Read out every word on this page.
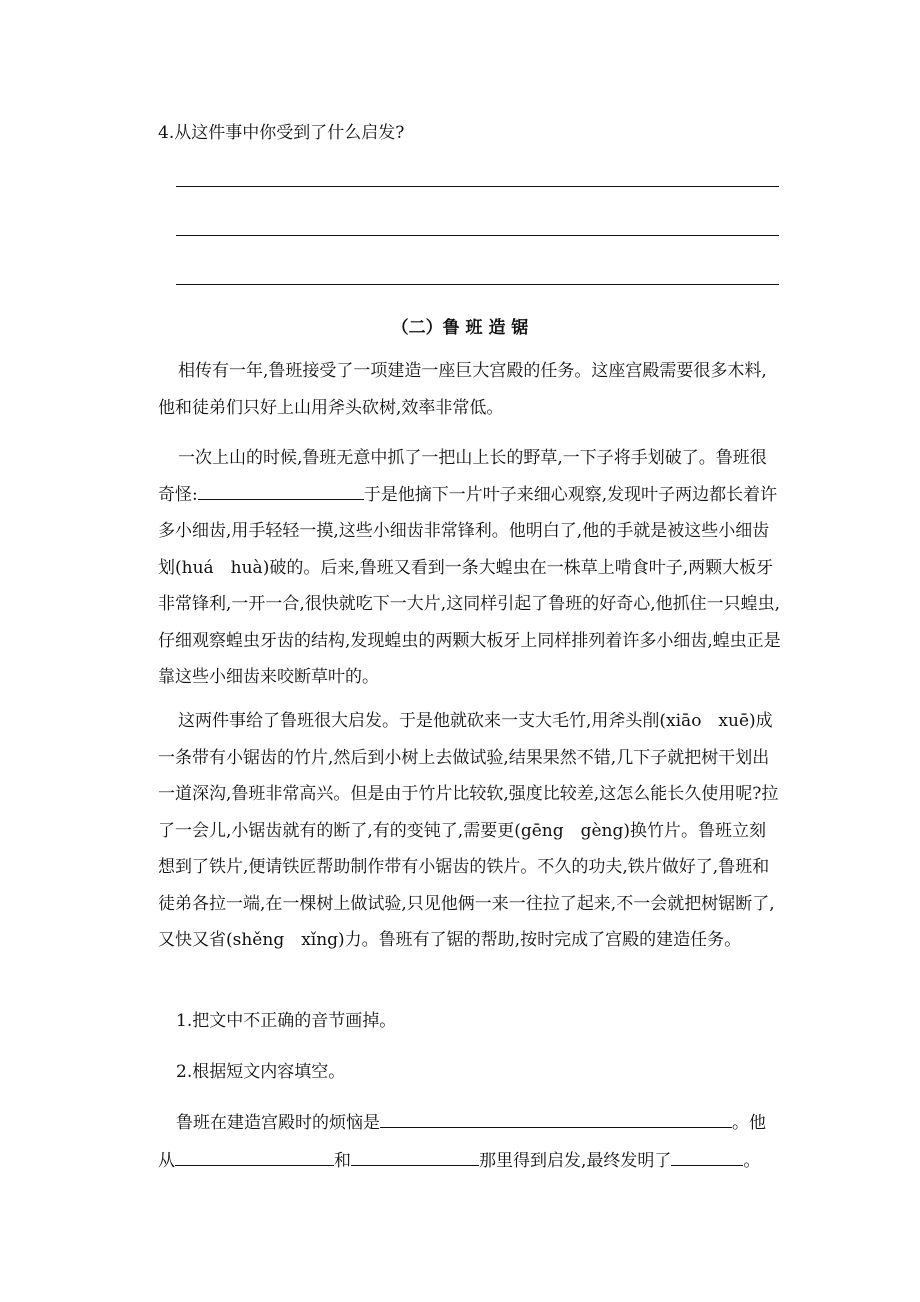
4.从这件事中你受到了什么启发?
（二）鲁 班 造 锯

相传有一年,鲁班接受了一项建造一座巨大宫殿的任务。这座宫殿需要很多木料,他和徒弟们只好上山用斧头砍树,效率非常低。

一次上山的时候,鲁班无意中抓了一把山上长的野草,一下子将手划破了。鲁班很奇怪:	于是他摘下一片叶子来细心观察,发现叶子两边都长着许多小细齿,用手轻轻一摸,这些小细齿非常锋利。他明白了,他的手就是被这些小细齿划(huá　huà)破的。后来,鲁班又看到一条大蝗虫在一株草上啃食叶子,两颗大板牙非常锋利,一开一合,很快就吃下一大片,这同样引起了鲁班的好奇心,他抓住一只蝗虫,仔细观察蝗虫牙齿的结构,发现蝗虫的两颗大板牙上同样排列着许多小细齿,蝗虫正是靠这些小细齿来咬断草叶的。

这两件事给了鲁班很大启发。于是他就砍来一支大毛竹,用斧头削(xiāo　xuē)成一条带有小锯齿的竹片,然后到小树上去做试验,结果果然不错,几下子就把树干划出一道深沟,鲁班非常高兴。但是由于竹片比较软,强度比较差,这怎么能长久使用呢?拉了一会儿,小锯齿就有的断了,有的变钝了,需要更(gēng　gèng)换竹片。鲁班立刻想到了铁片,便请铁匠帮助制作带有小锯齿的铁片。不久的功夫,铁片做好了,鲁班和徒弟各拉一端,在一棵树上做试验,只见他俩一来一往拉了起来,不一会就把树锯断了,又快又省(shěng　xǐng)力。鲁班有了锯的帮助,按时完成了宫殿的建造任务。

1.把文中不正确的音节画掉。
2.根据短文内容填空。
鲁班在建造宫殿时的烦恼是	。他
从	和	那里得到启发,最终发明了	。
